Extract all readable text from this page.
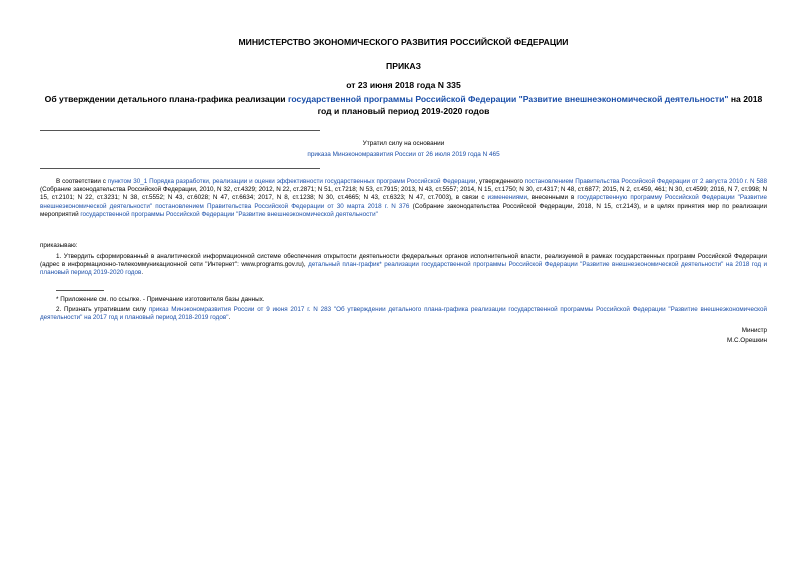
МИНИСТЕРСТВО ЭКОНОМИЧЕСКОГО РАЗВИТИЯ РОССИЙСКОЙ ФЕДЕРАЦИИ
ПРИКАЗ
от 23 июня 2018 года N 335
Об утверждении детального плана-графика реализации государственной программы Российской Федерации "Развитие внешнеэкономической деятельности" на 2018 год и плановый период 2019-2020 годов
Утратил силу на основании
приказа Минэкономразвития России от 26 июля 2019 года N 465
В соответствии с пунктом 30_1 Порядка разработки, реализации и оценки эффективности государственных программ Российской Федерации, утвержденного постановлением Правительства Российской Федерации от 2 августа 2010 г. N 588 (Собрание законодательства Российской Федерации, 2010, N 32, ст.4329; 2012, N 22, ст.2871; N 51, ст.7218; N 53, ст.7915; 2013, N 43, ст.5557; 2014, N 15, ст.1750; N 30, ст.4317; N 48, ст.6877; 2015, N 2, ст.459, 461; N 30, ст.4599; 2016, N 7, ст.998; N 15, ст.2101; N 22, ст.3231; N 38, ст.5552; N 43, ст.6028; N 47, ст.6634; 2017, N 8, ст.1238; N 30, ст.4665; N 43, ст.6323; N 47, ст.7003), в связи с изменениями, внесенными в государственную программу Российской Федерации "Развитие внешнеэкономической деятельности" постановлением Правительства Российской Федерации от 30 марта 2018 г. N 376 (Собрание законодательства Российской Федерации, 2018, N 15, ст.2143), и в целях принятия мер по реализации мероприятий государственной программы Российской Федерации "Развитие внешнеэкономической деятельности"
приказываю:
1. Утвердить сформированный в аналитической информационной системе обеспечения открытости деятельности федеральных органов исполнительной власти, реализуемой в рамках государственных программ Российской Федерации (адрес в информационно-телекоммуникационной сети "Интернет": www.programs.gov.ru), детальный план-график* реализации государственной программы Российской Федерации "Развитие внешнеэкономической деятельности" на 2018 год и плановый период 2019-2020 годов.
* Приложение см. по ссылке. - Примечание изготовителя базы данных.
2. Признать утратившим силу приказ Минэкономразвития России от 9 июня 2017 г. N 283 "Об утверждении детального плана-графика реализации государственной программы Российской Федерации "Развитие внешнеэкономической деятельности" на 2017 год и плановый период 2018-2019 годов".
Министр
М.С.Орешкин
